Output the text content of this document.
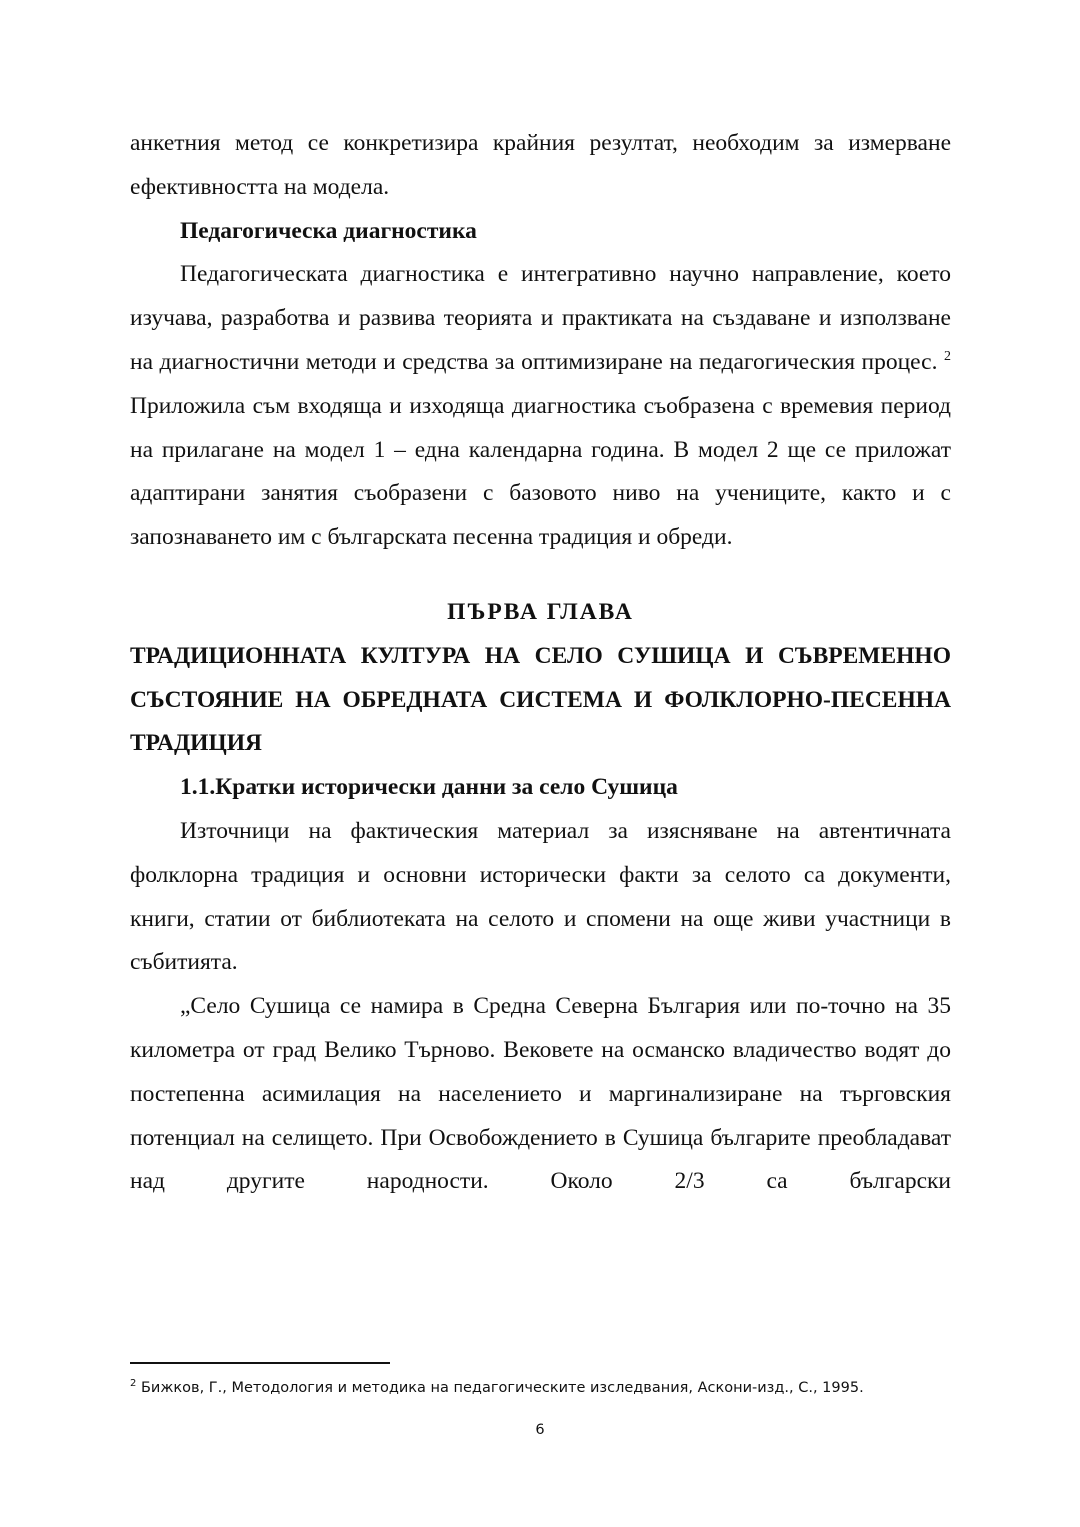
анкетния метод се конкретизира крайния резултат, необходим за измерване ефективността на модела.

Педагогическа диагностика

Педагогическата диагностика е интегративно научно направление, което изучава, разработва и развива теорията и практиката на създаване и използване на диагностични методи и средства за оптимизиране на педагогическия процес. $^2$ Приложила съм входяща и изходяща диагностика съобразена с времевия период на прилагане на модел 1 – една календарна година. В модел 2 ще се приложат адаптирани занятия съобразени с базовото ниво на учениците, както и с запознаването им с българската песенна традиция и обреди.

ПЪРВА ГЛАВА

ТРАДИЦИОННАТА КУЛТУРА НА СЕЛО СУШИЦА И СЪВРЕМЕННО СЪСТОЯНИЕ НА ОБРЕДНАТА СИСТЕМА И ФОЛКЛОРНО-ПЕСЕННА ТРАДИЦИЯ

1.1.Кратки исторически данни за село Сушица

Източници на фактическия материал за изясняване на автентичната фолклорна традиция и основни исторически факти за селото са документи, книги, статии от библиотеката на селото и спомени на още живи участници в събитията.

„Село Сушица се намира в Средна Северна България или по-точно на 35 километра от град Велико Търново. Вековете на османско владичество водят до постепенна асимилация на населението и маргинализиране на търговския потенциал на селището. При Освобождението в Сушица българите преобладават над другите народности. Около 2/3 са български

$^2$ Бижков, Г., Методология и методика на педагогическите изследвания, Аскони-изд., С., 1995.
6
